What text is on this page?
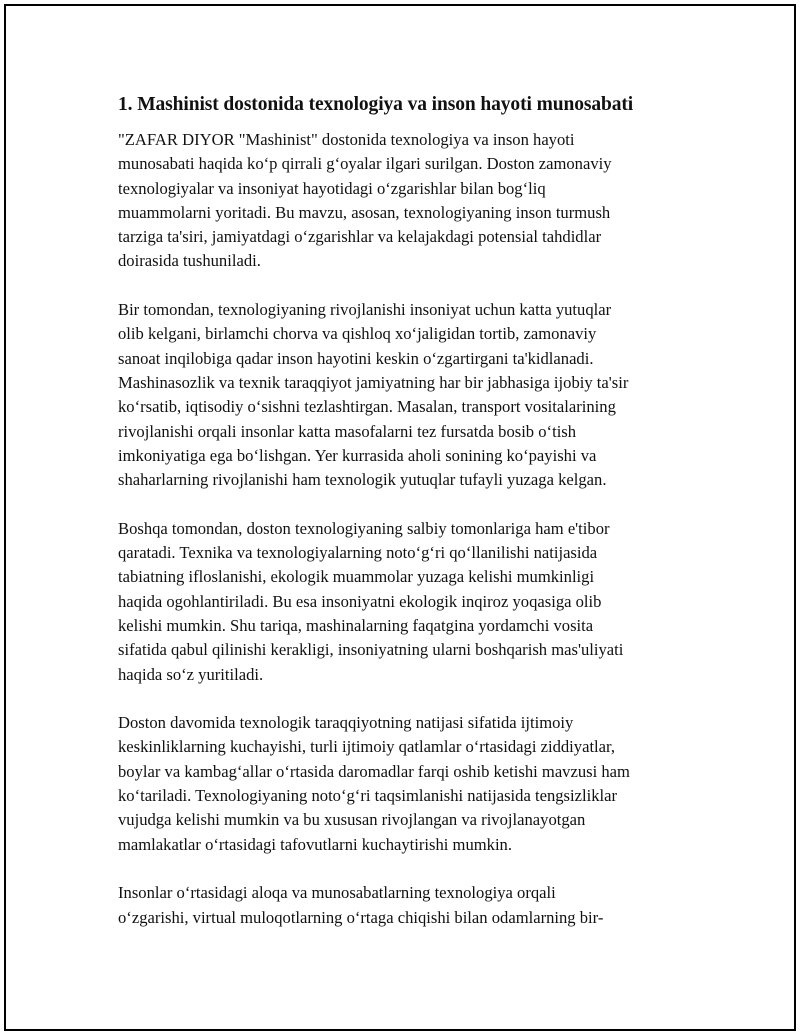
1. Mashinist dostonida texnologiya va inson hayoti munosabati

"ZAFAR DIYOR "Mashinist" dostonida texnologiya va inson hayoti
munosabati haqida ko‘p qirrali g‘oyalar ilgari surilgan. Doston zamonaviy
texnologiyalar va insoniyat hayotidagi o‘zgarishlar bilan bog‘liq
muammolarni yoritadi. Bu mavzu, asosan, texnologiyaning inson turmush
tarziga ta'siri, jamiyatdagi o‘zgarishlar va kelajakdagi potensial tahdidlar
doirasida tushuniladi.

Bir tomondan, texnologiyaning rivojlanishi insoniyat uchun katta yutuqlar
olib kelgani, birlamchi chorva va qishloq xo‘jaligidan tortib, zamonaviy
sanoat inqilobiga qadar inson hayotini keskin o‘zgartirgani ta'kidlanadi.
Mashinasozlik va texnik taraqqiyot jamiyatning har bir jabhasiga ijobiy ta'sir
ko‘rsatib, iqtisodiy o‘sishni tezlashtirgan. Masalan, transport vositalarining
rivojlanishi orqali insonlar katta masofalarni tez fursatda bosib o‘tish
imkoniyatiga ega bo‘lishgan. Yer kurrasida aholi sonining ko‘payishi va
shaharlarning rivojlanishi ham texnologik yutuqlar tufayli yuzaga kelgan.

Boshqa tomondan, doston texnologiyaning salbiy tomonlariga ham e'tibor
qaratadi. Texnika va texnologiyalarning noto‘g‘ri qo‘llanilishi natijasida
tabiatning ifloslanishi, ekologik muammolar yuzaga kelishi mumkinligi
haqida ogohlantiriladi. Bu esa insoniyatni ekologik inqiroz yoqasiga olib
kelishi mumkin. Shu tariqa, mashinalarning faqatgina yordamchi vosita
sifatida qabul qilinishi kerakligi, insoniyatning ularni boshqarish mas'uliyati
haqida so‘z yuritiladi.

Doston davomida texnologik taraqqiyotning natijasi sifatida ijtimoiy
keskinliklarning kuchayishi, turli ijtimoiy qatlamlar o‘rtasidagi ziddiyatlar,
boylar va kambag‘allar o‘rtasida daromadlar farqi oshib ketishi mavzusi ham
ko‘tariladi. Texnologiyaning noto‘g‘ri taqsimlanishi natijasida tengsizliklar
vujudga kelishi mumkin va bu xususan rivojlangan va rivojlanayotgan
mamlakatlar o‘rtasidagi tafovutlarni kuchaytirishi mumkin.

Insonlar o‘rtasidagi aloqa va munosabatlarning texnologiya orqali
o‘zgarishi, virtual muloqotlarning o‘rtaga chiqishi bilan odamlarning bir-
